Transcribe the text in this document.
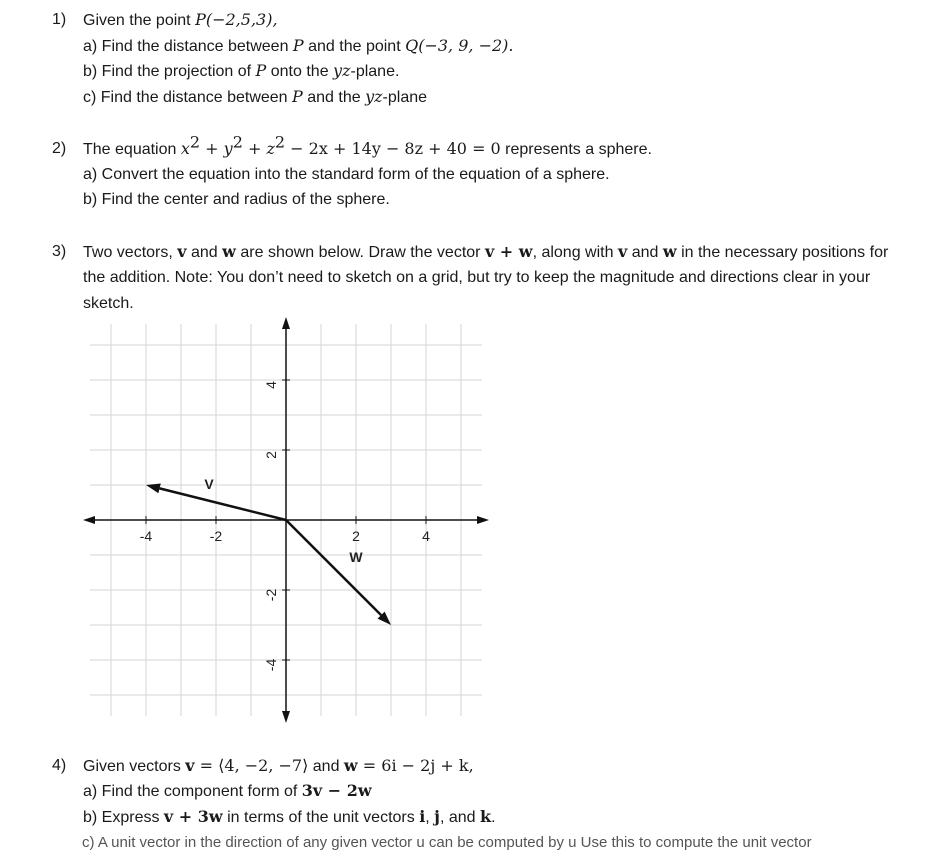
1) Given the point P(−2,5,3),
a) Find the distance between P and the point Q(−3, 9, −2).
b) Find the projection of P onto the yz-plane.
c) Find the distance between P and the yz-plane
2) The equation $x^2 + y^2 + z^2 - 2x + 14y - 8z + 40 = 0$ represents a sphere.
a) Convert the equation into the standard form of the equation of a sphere.
b) Find the center and radius of the sphere.
3) Two vectors, v and w are shown below. Draw the vector v + w, along with v and w in the necessary positions for
the addition. Note: You don’t need to sketch on a grid, but try to keep the magnitude and directions clear in your
sketch.
-4	-2	2	4
4
2
-2
-4
V
W
4) Given vectors v = ⟨4, −2, −7⟩ and w = 6i − 2j + k,
a) Find the component form of 3v − 2w
b) Express v + 3w in terms of the unit vectors i, j, and k.
c) A unit vector in the direction of any given vector u can be computed by u Use this to compute the unit vector
